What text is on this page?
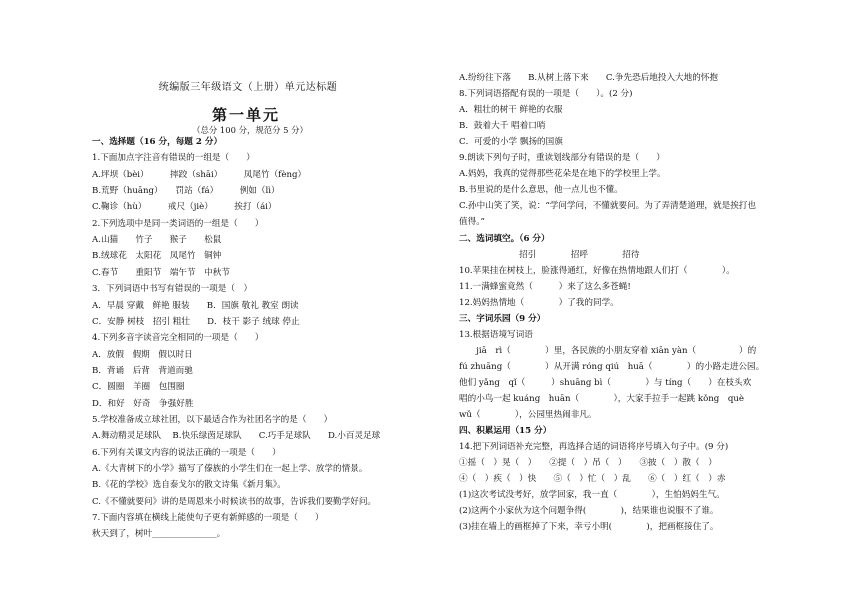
统编版三年级语文（上册）单元达标题
第一单元
（总分 100 分，规范分 5 分）
一、选择题（16 分，每题 2 分）
1.下面加点字注音有错误的一组是（　　）
A.坪坝（bèi）　　　摔跤（shāi）　　　凤尾竹（fèng）
B.荒野（huāng）　　罚站（fá）　　　例如（lì）
C.鞠诊（hù）　　　戒尺（jiè）　　　挨打（ái）
2.下列选项中是同一类词语的一组是（　　）
A.山猫　　竹子　　猴子　　松鼠
B.绒球花　太阳花　凤尾竹　铜钟
C.春节　　重阳节　端午节　中秋节
3．下列词语中书写有错误的一项是（　）
A．早晨 穿戴　鲜艳 服装　　B．国旗 敬礼 教室 朗读
C．安静 树枝　招引 粗壮　　D．枝干 影子 绒球 停止
4.下列多音字读音完全相同的一项是（　　）
A．放假　假期　假以时日
B．背诵　后背　背道而驰
C．圆圈　羊圈　包围圈
D．和好　好奇　争强好胜
5.学校准备成立球社团，以下最适合作为社团名字的是（　　）
A.舞动精灵足球队　 B.快乐绿茵足球队　　C.巧手足球队　　D.小百灵足球
6.下列有关课文内容的说法正确的一项是（　　）
A.《大青树下的小学》描写了傣族的小学生们在一起上学、放学的情景。
B.《花的学校》选自泰戈尔的散文诗集《新月集》。
C.《不懂就要问》讲的是周恩来小时候读书的故事，告诉我们要勤学好问。
7.下面内容填在横线上能使句子更有新鲜感的一项是（　　）
秋天到了，树叶_______________。
A.纷纷往下落　　B.从树上落下来　　C.争先恐后地投入大地的怀抱
8.下列词语搭配有误的一项是（　　）。(2 分)
A．粗壮的树干 鲜艳的衣服
B．鼓着大千 唱着口哨
C．可爱的小学 飘扬的国旗
9.朗读下列句子时，重读划线部分有错误的是（　　）
A.妈妈，我真的觉得那些花朵是在地下的学校里上学。
B.书里说的是什么意思，他一点儿也不懂。
C.孙中山笑了笑，说：“学问学问，不懂就要问。为了弄清楚道理，就是挨打也
值得。”
二、选词填空。（6 分）
　　　　　　　招引　　　　招呼　　　　招待
10.苹果挂在树枝上，脸涨得通红，好像在热情地跟人们打（　　　　）。
11.一满蜂蜜竟然（　　　）来了这么多苍蝇!
12.妈妈热情地（　　　　）了我的同学。
三、字词乐园（9 分）
13.根据语境写词语
　　jiā　rì（　　　　）里，各民族的小朋友穿着 xiān yàn（　　　　　）的
fú zhuāng（　　　　）从开满 róng qiú　huā（　　　　）的小路走进公园。
他们 yǎng　qǐ（　　　）shuāng bì（　　　　）与 tíng（　　）在枝头欢
唱的小鸟一起 kuáng　huān（　　　　），大家手拉手一起跳 kǒng　què
wǔ（　　　　），公园里热闹非凡。
四、积累运用（15 分）
14.把下列词语补充完整，再选择合适的词语将序号填入句子中。(9 分)
①摇（　）晃（　）　　②提（　）吊（　）　　③披（　）散（　）
④（　）疾（　）快　　⑤（　）忙（　）乱　　⑥（　）红（　）赤
(1)这次考试没考好，放学回家，我一直（　　　　），生怕妈妈生气。
(2)这两个小家伙为这个问题争得(　　　　)，结果谁也说服不了谁。
(3)挂在墙上的画框掉了下来，幸亏小明(　　　　)，把画框接住了。
